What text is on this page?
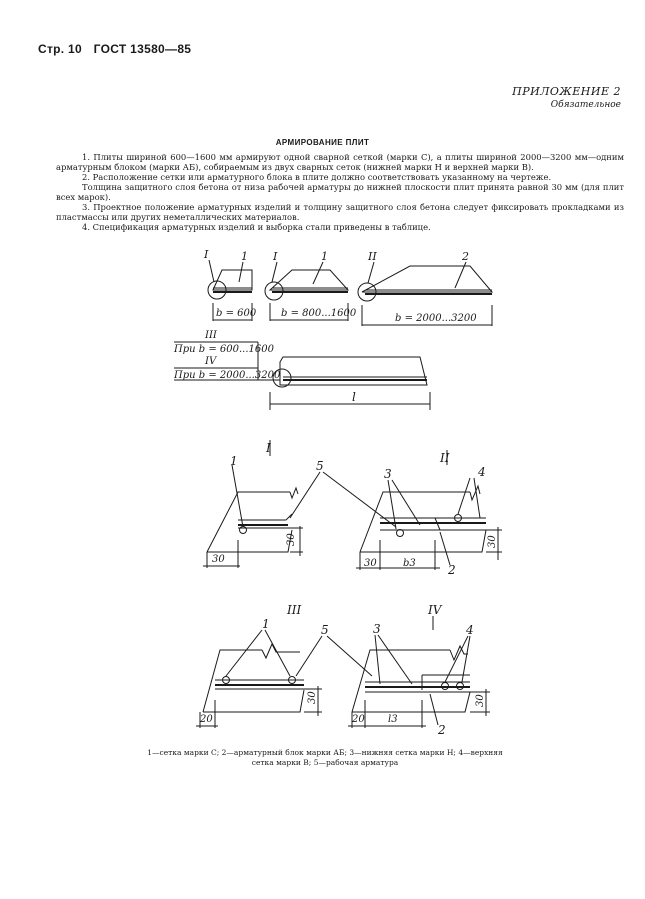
Стр. 10 ГОСТ 13580—85
ПРИЛОЖЕНИЕ 2
Обязательное
АРМИРОВАНИЕ ПЛИТ

1. Плиты шириной 600—1600 мм армируют одной сварной сеткой (марки С), а плиты шириной 2000—3200 мм—одним арматурным блоком (марки АБ), собираемым из двух сварных сеток (нижней марки Н и верхней марки В).

2. Расположение сетки или арматурного блока в плите должно соответствовать указанному на чертеже.

Толщина защитного слоя бетона от низа рабочей арматуры до нижней плоскости плит принята равной 30 мм (для плит всех марок).

3. Проектное положение арматурных изделий и толщину защитного слоя бетона следует фиксировать прокладками из пластмассы или других неметаллических материалов.

4. Спецификация арматурных изделий и выборка стали приведены в таблице.

I	1 I	1	II	2
b = 600 b = 800...1600	b = 2000...3200
III
При b = 600...1600
IV
При b = 2000...3200
l
I
II
III	IV
1	5
3	4
2
1	5	3	4
2
30
30
30
30	b3
30
20
30
20 l3
1—сетка марки С; 2—арматурный блок марки АБ; 3—нижняя сетка марки Н; 4—верхняя
сетка марки В; 5—рабочая арматура
